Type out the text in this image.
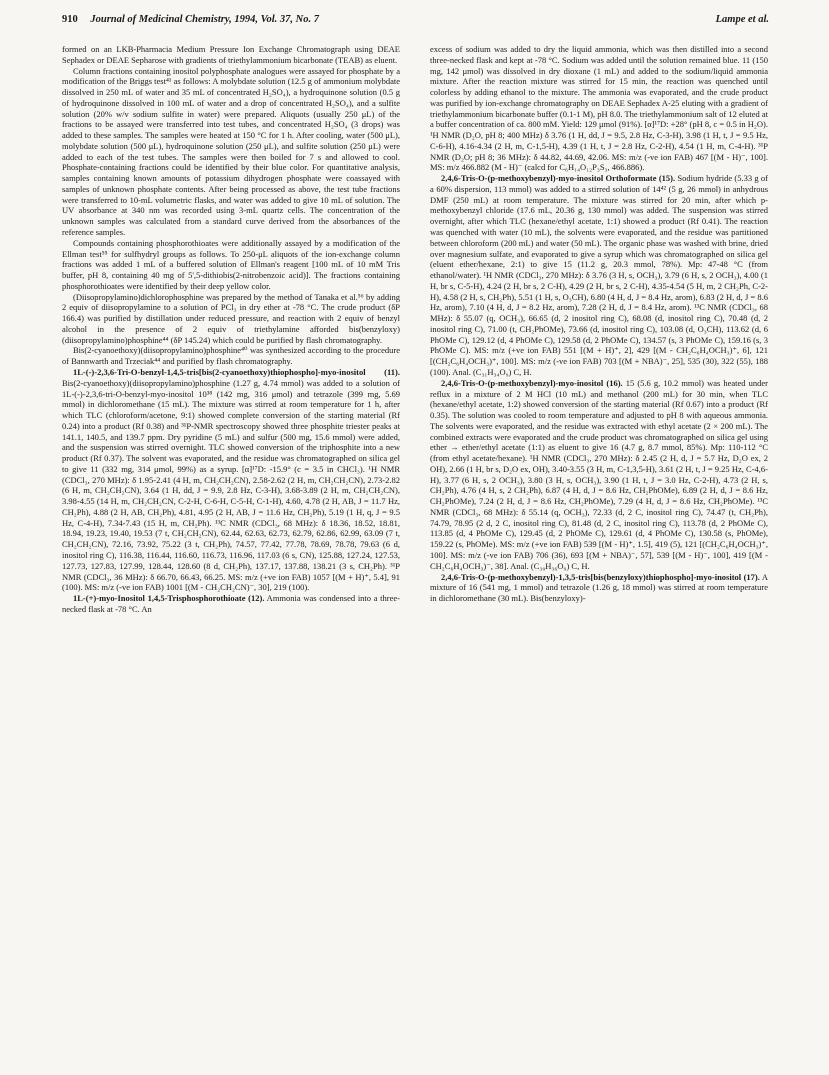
910 Journal of Medicinal Chemistry, 1994, Vol. 37, No. 7	Lampe et al.

formed on an LKB-Pharmacia Medium Pressure Ion Exchange Chromatograph using DEAE Sephadex or DEAE Sepharose with gradients of triethylammonium bicarbonate (TEAB) as eluent.

Column fractions containing inositol polyphosphate analogues were assayed for phosphate by a modification of the Briggs test⁴¹ as follows: A molybdate solution (12.5 g of ammonium molybdate dissolved in 250 mL of water and 35 mL of concentrated H₂SO₄), a hydroquinone solution (0.5 g of hydroquinone dissolved in 100 mL of water and a drop of concentrated H₂SO₄), and a sulfite solution (20% w/v sodium sulfite in water) were prepared. Aliquots (usually 250 μL) of the fractions to be assayed were transferred into test tubes, and concentrated H₂SO₄ (3 drops) was added to these samples. The samples were heated at 150 °C for 1 h. After cooling, water (500 μL), molybdate solution (500 μL), hydroquinone solution (250 μL), and sulfite solution (250 μL) were added to each of the test tubes. The samples were then boiled for 7 s and allowed to cool. Phosphate-containing fractions could be identified by their blue color. For quantitative analysis, samples containing known amounts of potassium dihydrogen phosphate were coassayed with samples of unknown phosphate contents. After being processed as above, the test tube fractions were transferred to 10-mL volumetric flasks, and water was added to give 10 mL of solution. The UV absorbance at 340 nm was recorded using 3-mL quartz cells. The concentration of the unknown samples was calculated from a standard curve derived from the absorbances of the reference samples.

Compounds containing phosphorothioates were additionally assayed by a modification of the Ellman test⁵⁵ for sulfhydryl groups as follows. To 250-μL aliquots of the ion-exchange column fractions was added 1 mL of a buffered solution of Ellman's reagent [100 mL of 10 mM Tris buffer, pH 8, containing 40 mg of 5',5-dithiobis(2-nitrobenzoic acid)]. The fractions containing phosphorothioates were identified by their deep yellow color.

(Diisopropylamino)dichlorophosphine was prepared by the method of Tanaka et al.⁵⁶ by adding 2 equiv of diisopropylamine to a solution of PCl₃ in dry ether at -78 °C. The crude product (δP 166.4) was purified by distillation under reduced pressure, and reaction with 2 equiv of benzyl alcohol in the presence of 2 equiv of triethylamine afforded bis(benzyloxy)(diisopropylamino)phosphine⁴⁴ (δP 145.24) which could be purified by flash chromatography.

Bis(2-cyanoethoxy)(diisopropylamino)phosphine⁴⁰ was synthesized according to the procedure of Bannwarth and Trzeciak⁴⁴ and purified by flash chromatography.

1L-(-)-2,3,6-Tri-O-benzyl-1,4,5-tris[bis(2-cyanoethoxy)thiophospho]-myo-inositol (11). Bis(2-cyanoethoxy)(diisopropylamino)phosphine (1.27 g, 4.74 mmol) was added to a solution of 1L-(-)-2,3,6-tri-O-benzyl-myo-inositol 10³⁸ (142 mg, 316 μmol) and tetrazole (399 mg, 5.69 mmol) in dichloromethane (15 mL). The mixture was stirred at room temperature for 1 h, after which TLC (chloroform/acetone, 9:1) showed complete conversion of the starting material (Rf 0.24) into a product (Rf 0.38) and ³¹P-NMR spectroscopy showed three phosphite triester peaks at 141.1, 140.5, and 139.7 ppm. Dry pyridine (5 mL) and sulfur (500 mg, 15.6 mmol) were added, and the suspension was stirred overnight. TLC showed conversion of the triphosphite into a new product (Rf 0.37). The solvent was evaporated, and the residue was chromatographed on silica gel to give 11 (332 mg, 314 μmol, 99%) as a syrup. [α]¹⁷D: -15.9° (c = 3.5 in CHCl₃). ¹H NMR (CDCl₃, 270 MHz): δ 1.95-2.41 (4 H, m, CH₂CH₂CN), 2.58-2.62 (2 H, m, CH₂CH₂CN), 2.73-2.82 (6 H, m, CH₂CH₂CN), 3.64 (1 H, dd, J = 9.9, 2.8 Hz, C-3-H), 3.68-3.89 (2 H, m, CH₂CH₂CN), 3.98-4.55 (14 H, m, CH₂CH₂CN, C-2-H, C-6-H, C-5-H, C-1-H), 4.60, 4.78 (2 H, AB, J = 11.7 Hz, CH₂Ph), 4.88 (2 H, AB, CH₂Ph), 4.81, 4.95 (2 H, AB, J = 11.6 Hz, CH₂Ph), 5.19 (1 H, q, J = 9.5 Hz, C-4-H), 7.34-7.43 (15 H, m, CH₂Ph). ¹³C NMR (CDCl₃, 68 MHz): δ 18.36, 18.52, 18.81, 18.94, 19.23, 19.40, 19.53 (7 t, CH₂CH₂CN), 62.44, 62.63, 62.73, 62.79, 62.86, 62.99, 63.09 (7 t, CH₂CH₂CN), 72.16, 73.92, 75.22 (3 t, CH₂Ph), 74.57, 77.42, 77.78, 78.69, 78.78, 79.63 (6 d, inositol ring C), 116.38, 116.44, 116.60, 116.73, 116.96, 117.03 (6 s, CN), 125.88, 127.24, 127.53, 127.73, 127.83, 127.99, 128.44, 128.60 (8 d, CH₂Ph), 137.17, 137.88, 138.21 (3 s, CH₂Ph). ³¹P NMR (CDCl₃, 36 MHz): δ 66.70, 66.43, 66.25. MS: m/z (+ve ion FAB) 1057 [(M + H)⁺, 5.4], 91 (100). MS: m/z (-ve ion FAB) 1001 [(M - CH₂CH₂CN)⁻, 30], 219 (100).

1L-(+)-myo-Inositol 1,4,5-Trisphosphorothioate (12). Ammonia was condensed into a three-necked flask at -78 °C. An

excess of sodium was added to dry the liquid ammonia, which was then distilled into a second three-necked flask and kept at -78 °C. Sodium was added until the solution remained blue. 11 (150 mg, 142 μmol) was dissolved in dry dioxane (1 mL) and added to the sodium/liquid ammonia mixture. After the reaction mixture was stirred for 15 min, the reaction was quenched until colorless by adding ethanol to the mixture. The ammonia was evaporated, and the crude product was purified by ion-exchange chromatography on DEAE Sephadex A-25 eluting with a gradient of triethylammonium bicarbonate buffer (0.1-1 M), pH 8.0. The triethylammonium salt of 12 eluted at a buffer concentration of ca. 800 mM. Yield: 129 μmol (91%). [α]¹⁷D: +28° (pH 8, c = 0.5 in H₂O). ¹H NMR (D₂O, pH 8; 400 MHz) δ 3.76 (1 H, dd, J = 9.5, 2.8 Hz, C-3-H), 3.98 (1 H, t, J = 9.5 Hz, C-6-H), 4.16-4.34 (2 H, m, C-1,5-H), 4.39 (1 H, t, J = 2.8 Hz, C-2-H), 4.54 (1 H, m, C-4-H). ³¹P NMR (D₂O; pH 8; 36 MHz): δ 44.82, 44.69, 42.06. MS: m/z (-ve ion FAB) 467 [(M - H)⁻, 100]. MS: m/z 466.882 (M - H)⁻ (calcd for C₆H₁₄O₁₂P₃S₃, 466.886).

2,4,6-Tris-O-(p-methoxybenzyl)-myo-inositol Orthoformate (15). Sodium hydride (5.33 g of a 60% dispersion, 113 mmol) was added to a stirred solution of 14⁴² (5 g, 26 mmol) in anhydrous DMF (250 mL) at room temperature. The mixture was stirred for 20 min, after which p-methoxybenzyl chloride (17.6 mL, 20.36 g, 130 mmol) was added. The suspension was stirred overnight, after which TLC (hexane/ethyl acetate, 1:1) showed a product (Rf 0.41). The reaction was quenched with water (10 mL), the solvents were evaporated, and the residue was partitioned between chloroform (200 mL) and water (50 mL). The organic phase was washed with brine, dried over magnesium sulfate, and evaporated to give a syrup which was chromatographed on silica gel (eluent ether/hexane, 2:1) to give 15 (11.2 g, 20.3 mmol, 78%). Mp: 47-48 °C (from ethanol/water). ¹H NMR (CDCl₃, 270 MHz): δ 3.76 (3 H, s, OCH₃), 3.79 (6 H, s, 2 OCH₃), 4.00 (1 H, br s, C-5-H), 4.24 (2 H, br s, 2 C-H), 4.29 (2 H, br s, 2 C-H), 4.35-4.54 (5 H, m, 2 CH₂Ph, C-2-H), 4.58 (2 H, s, CH₂Ph), 5.51 (1 H, s, O₃CH), 6.80 (4 H, d, J = 8.4 Hz, arom), 6.83 (2 H, d, J = 8.6 Hz, arom), 7.10 (4 H, d, J = 8.2 Hz, arom), 7.28 (2 H, d, J = 8.4 Hz, arom). ¹³C NMR (CDCl₃, 68 MHz): δ 55.07 (q, OCH₃), 66.65 (d, 2 inositol ring C), 68.08 (d, inositol ring C), 70.48 (d, 2 inositol ring C), 71.00 (t, CH₂PhOMe), 73.66 (d, inositol ring C), 103.08 (d, O₃CH), 113.62 (d, 6 PhOMe C), 129.12 (d, 4 PhOMe C), 129.58 (d, 2 PhOMe C), 134.57 (s, 3 PhOMe C), 159.16 (s, 3 PhOMe C). MS: m/z (+ve ion FAB) 551 [(M + H)⁺, 2], 429 [(M - CH₂C₆H₄OCH₃)⁺, 6], 121 [(CH₂C₆H₄OCH₃)⁺, 100]. MS: m/z (-ve ion FAB) 703 [(M + NBA)⁻, 25], 535 (30), 322 (55), 188 (100). Anal. (C₃₁H₃₄O₉) C, H.

2,4,6-Tris-O-(p-methoxybenzyl)-myo-inositol (16). 15 (5.6 g, 10.2 mmol) was heated under reflux in a mixture of 2 M HCl (10 mL) and methanol (200 mL) for 30 min, when TLC (hexane/ethyl acetate, 1:2) showed conversion of the starting material (Rf 0.67) into a product (Rf 0.35). The solution was cooled to room temperature and adjusted to pH 8 with aqueous ammonia. The solvents were evaporated, and the residue was extracted with ethyl acetate (2 × 200 mL). The combined extracts were evaporated and the crude product was chromatographed on silica gel using ether → ether/ethyl acetate (1:1) as eluent to give 16 (4.7 g, 8.7 mmol, 85%). Mp: 110-112 °C (from ethyl acetate/hexane). ¹H NMR (CDCl₃, 270 MHz): δ 2.45 (2 H, d, J = 5.7 Hz, D₂O ex, 2 OH), 2.66 (1 H, br s, D₂O ex, OH), 3.40-3.55 (3 H, m, C-1,3,5-H), 3.61 (2 H, t, J = 9.25 Hz, C-4,6-H), 3.77 (6 H, s, 2 OCH₃), 3.80 (3 H, s, OCH₃), 3.90 (1 H, t, J = 3.0 Hz, C-2-H), 4.73 (2 H, s, CH₂Ph), 4.76 (4 H, s, 2 CH₂Ph), 6.87 (4 H, d, J = 8.6 Hz, CH₂PhOMe), 6.89 (2 H, d, J = 8.6 Hz, CH₂PhOMe), 7.24 (2 H, d, J = 8.6 Hz, CH₂PhOMe), 7.29 (4 H, d, J = 8.6 Hz, CH₂PhOMe). ¹³C NMR (CDCl₃, 68 MHz): δ 55.14 (q, OCH₃), 72.33 (d, 2 C, inositol ring C), 74.47 (t, CH₂Ph), 74.79, 78.95 (2 d, 2 C, inositol ring C), 81.48 (d, 2 C, inositol ring C), 113.78 (d, 2 PhOMe C), 113.85 (d, 4 PhOMe C), 129.45 (d, 2 PhOMe C), 129.61 (d, 4 PhOMe C), 130.58 (s, PhOMe), 159.22 (s, PhOMe). MS: m/z (+ve ion FAB) 539 [(M - H)⁺, 1.5], 419 (5), 121 [(CH₂C₆H₄OCH₃)⁺, 100]. MS: m/z (-ve ion FAB) 706 (36), 693 [(M + NBA)⁻, 57], 539 [(M - H)⁻, 100], 419 [(M - CH₂C₆H₄OCH₃)⁻, 38]. Anal. (C₃₀H₃₆O₉) C, H.

2,4,6-Tris-O-(p-methoxybenzyl)-1,3,5-tris[bis(benzyloxy)thiophospho]-myo-inositol (17). A mixture of 16 (541 mg, 1 mmol) and tetrazole (1.26 g, 18 mmol) was stirred at room temperature in dichloromethane (30 mL). Bis(benzyloxy)-
